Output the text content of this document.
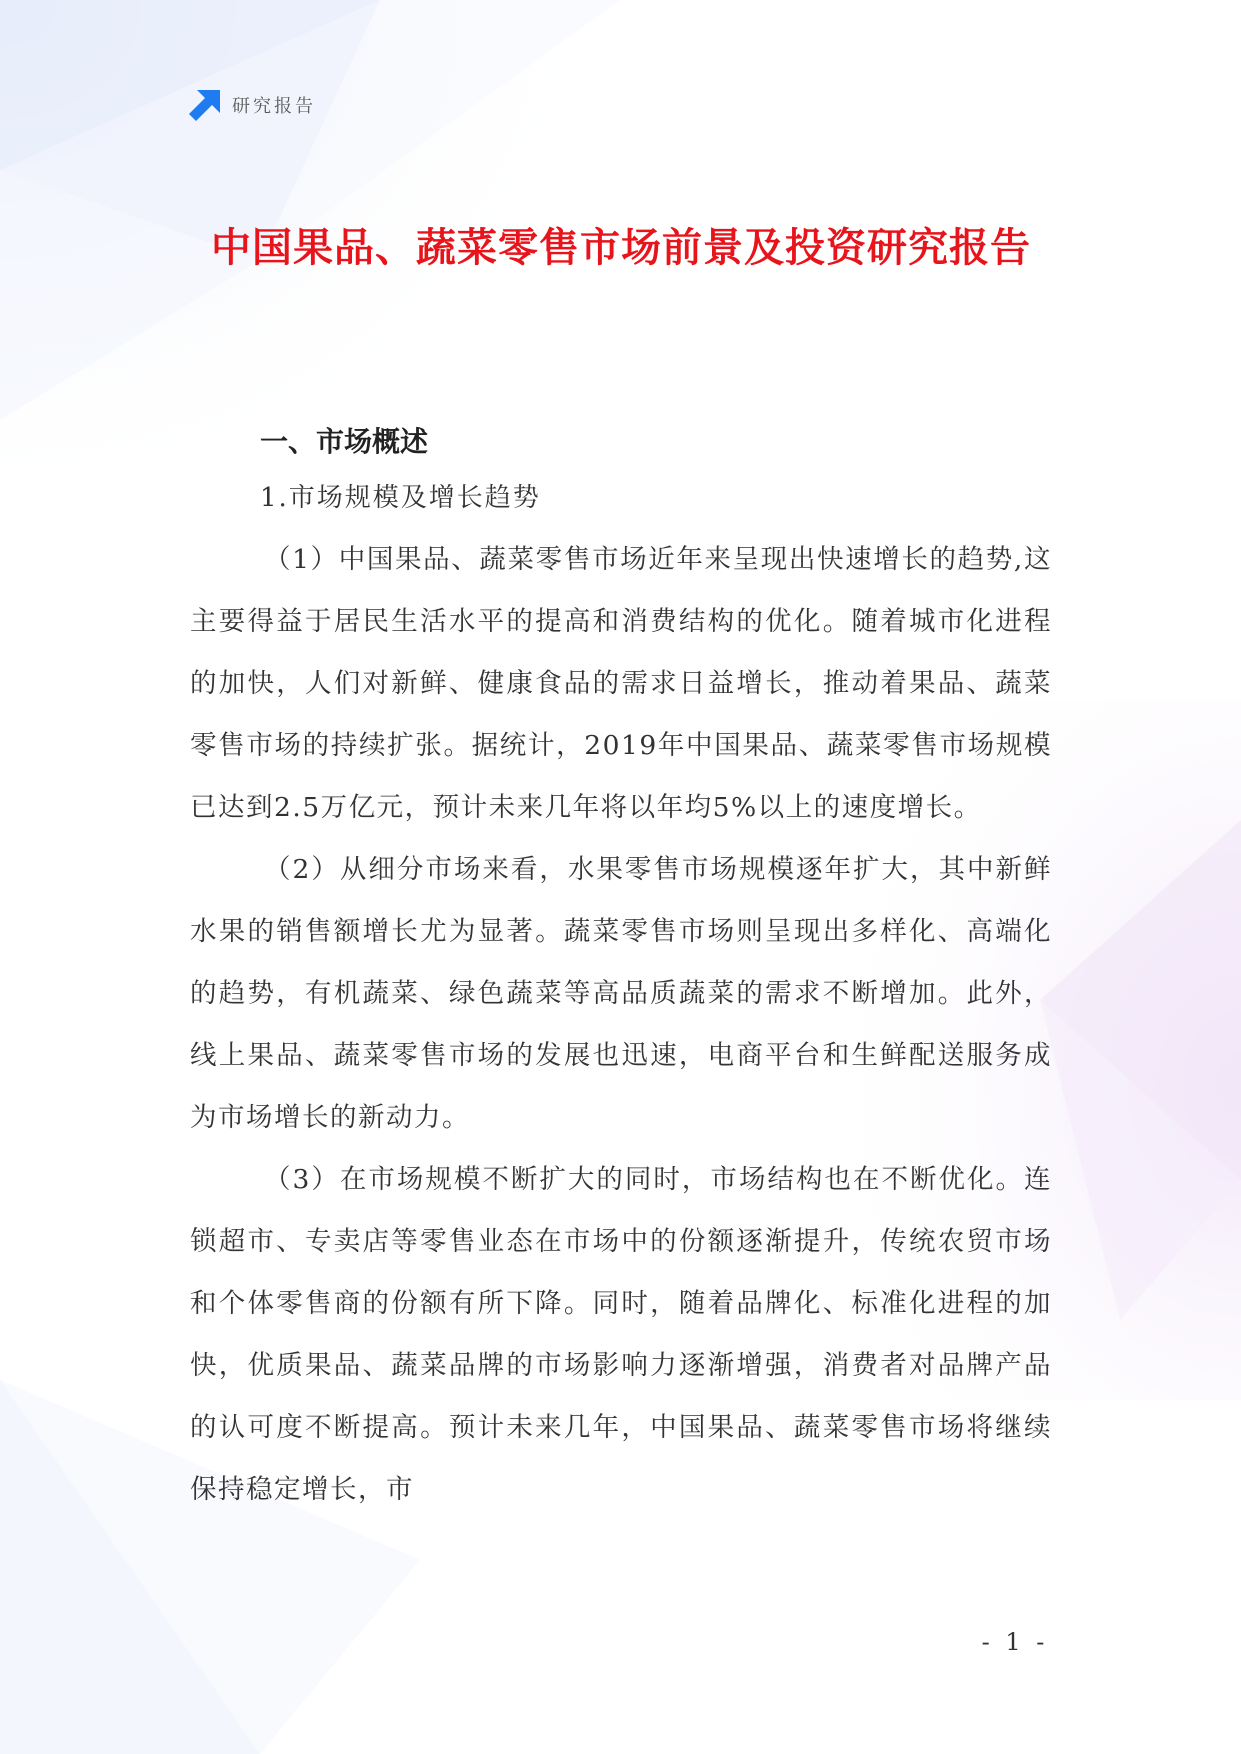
研究报告
中国果品、蔬菜零售市场前景及投资研究报告

一、市场概述

1.市场规模及增长趋势

（1）中国果品、蔬菜零售市场近年来呈现出快速增长的趋势,这主要得益于居民生活水平的提高和消费结构的优化。随着城市化进程的加快，人们对新鲜、健康食品的需求日益增长，推动着果品、蔬菜零售市场的持续扩张。据统计，2019年中国果品、蔬菜零售市场规模已达到2.5万亿元，预计未来几年将以年均5%以上的速度增长。

（2）从细分市场来看，水果零售市场规模逐年扩大，其中新鲜水果的销售额增长尤为显著。蔬菜零售市场则呈现出多样化、高端化的趋势，有机蔬菜、绿色蔬菜等高品质蔬菜的需求不断增加。此外，线上果品、蔬菜零售市场的发展也迅速，电商平台和生鲜配送服务成为市场增长的新动力。

（3）在市场规模不断扩大的同时，市场结构也在不断优化。连锁超市、专卖店等零售业态在市场中的份额逐渐提升，传统农贸市场和个体零售商的份额有所下降。同时，随着品牌化、标准化进程的加快，优质果品、蔬菜品牌的市场影响力逐渐增强，消费者对品牌产品的认可度不断提高。预计未来几年，中国果品、蔬菜零售市场将继续保持稳定增长，市

- 1 -
